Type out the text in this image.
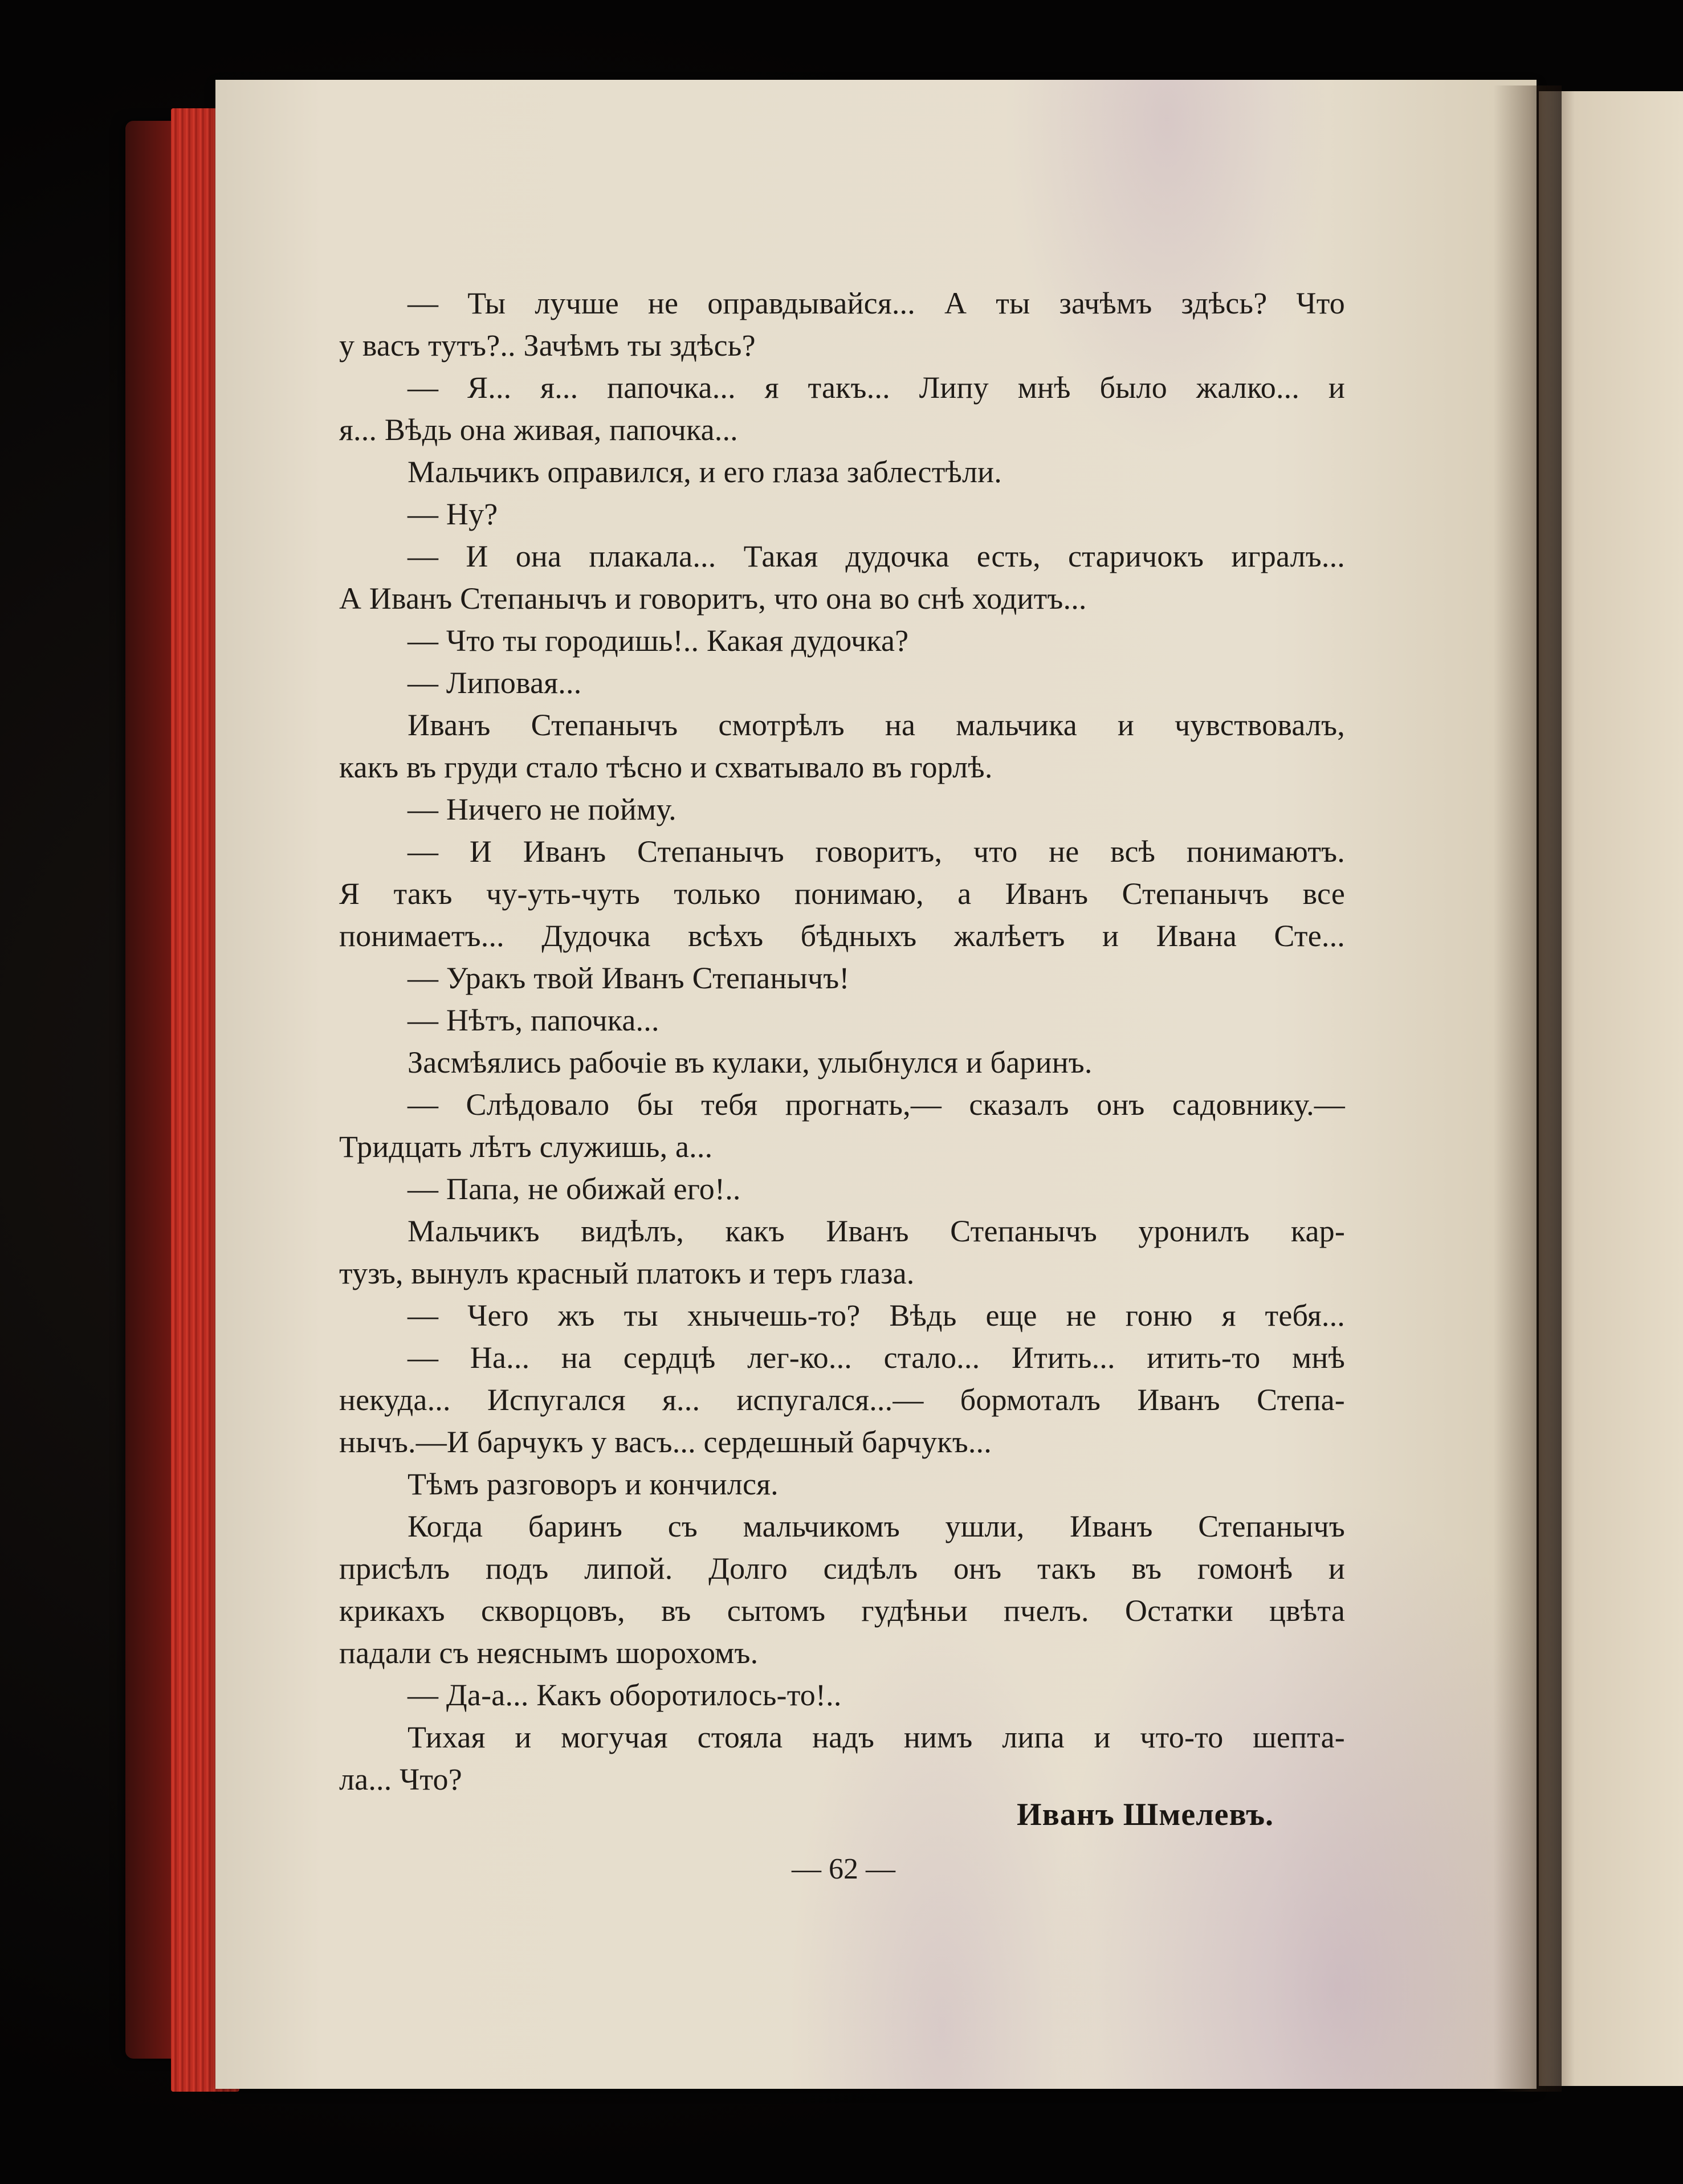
— Ты лучше не оправдывайся... А ты зачѣмъ здѣсь? Что
у васъ тутъ?.. Зачѣмъ ты здѣсь?
— Я... я... папочка... я такъ... Липу мнѣ было жалко... и
я... Вѣдь она живая, папочка...
Мальчикъ оправился, и его глаза заблестѣли.
— Ну?
— И она плакала... Такая дудочка есть, старичокъ игралъ...
А Иванъ Степанычъ и говоритъ, что она во снѣ ходитъ...
— Что ты городишь!.. Какая дудочка?
— Липовая...
Иванъ Степанычъ смотрѣлъ на мальчика и чувствовалъ,
какъ въ груди стало тѣсно и схватывало въ горлѣ.
— Ничего не пойму.
— И Иванъ Степанычъ говоритъ, что не всѣ понимаютъ.
Я такъ чу-уть-чуть только понимаю, а Иванъ Степанычъ все
понимаетъ... Дудочка всѣхъ бѣдныхъ жалѣетъ и Ивана Сте...
— Уракъ твой Иванъ Степанычъ!
— Нѣтъ, папочка...
Засмѣялись рабочіе въ кулаки, улыбнулся и баринъ.
— Слѣдовало бы тебя прогнать,— сказалъ онъ садовнику.—
Тридцать лѣтъ служишь, а...
— Папа, не обижай его!..
Мальчикъ видѣлъ, какъ Иванъ Степанычъ уронилъ кар-
тузъ, вынулъ красный платокъ и теръ глаза.
— Чего жъ ты хнычешь-то? Вѣдь еще не гоню я тебя...
— На... на сердцѣ лег-ко... стало... Итить... итить-то мнѣ
некуда... Испугался я... испугался...— бормоталъ Иванъ Степа-
нычъ.—И барчукъ у васъ... сердешный барчукъ...
Тѣмъ разговоръ и кончился.
Когда баринъ съ мальчикомъ ушли, Иванъ Степанычъ
присѣлъ подъ липой. Долго сидѣлъ онъ такъ въ гомонѣ и
крикахъ скворцовъ, въ сытомъ гудѣньи пчелъ. Остатки цвѣта
падали съ неяснымъ шорохомъ.
— Да-а... Какъ оборотилось-то!..
Тихая и могучая стояла надъ нимъ липа и что-то шепта-
ла... Что?
Иванъ Шмелевъ.
— 62 —
